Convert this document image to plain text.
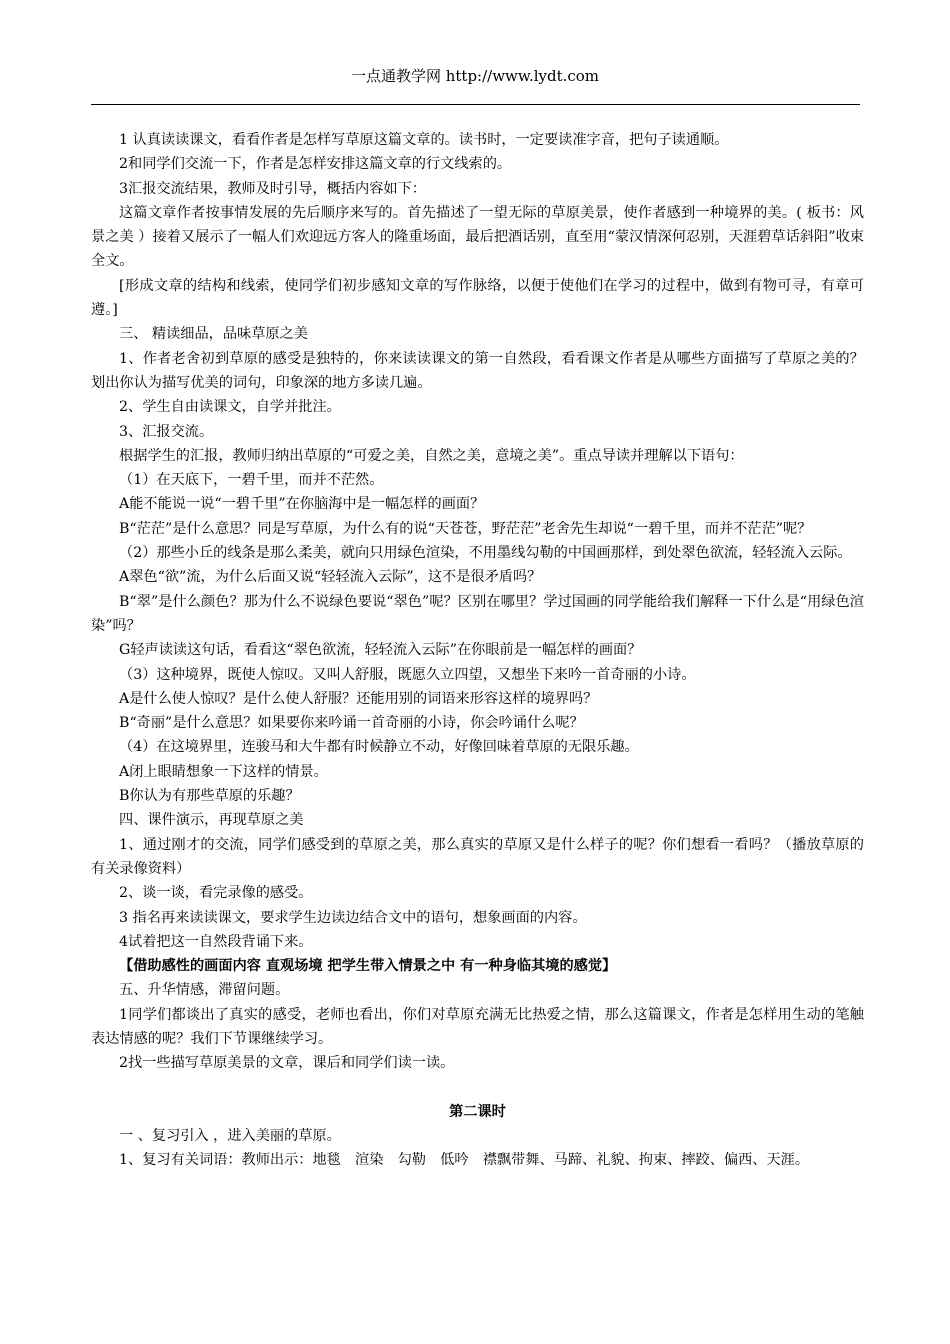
一点通教学网 http://www.lydt.com

1 认真读读课文，看看作者是怎样写草原这篇文章的。读书时，一定要读准字音，把句子读通顺。

2和同学们交流一下，作者是怎样安排这篇文章的行文线索的。

3汇报交流结果，教师及时引导，概括内容如下：

这篇文章作者按事情发展的先后顺序来写的。首先描述了一望无际的草原美景，使作者感到一种境界的美。( 板书：风景之美 ）接着又展示了一幅人们欢迎远方客人的隆重场面，最后把酒话别，直至用“蒙汉情深何忍别，天涯碧草话斜阳”收束全文。

[形成文章的结构和线索，使同学们初步感知文章的写作脉络，以便于使他们在学习的过程中，做到有物可寻，有章可遵。]

三、 精读细品，品味草原之美

1、作者老舍初到草原的感受是独特的，你来读读课文的第一自然段，看看课文作者是从哪些方面描写了草原之美的？划出你认为描写优美的词句，印象深的地方多读几遍。

2、学生自由读课文，自学并批注。

3、汇报交流。

根据学生的汇报，教师归纳出草原的“可爱之美，自然之美，意境之美”。重点导读并理解以下语句：

（1）在天底下，一碧千里，而并不茫然。

A能不能说一说“一碧千里”在你脑海中是一幅怎样的画面？

B“茫茫”是什么意思？同是写草原，为什么有的说“天苍苍，野茫茫”老舍先生却说“一碧千里，而并不茫茫”呢？

（2）那些小丘的线条是那么柔美，就向只用绿色渲染，不用墨线勾勒的中国画那样，到处翠色欲流，轻轻流入云际。

A翠色“欲”流，为什么后面又说“轻轻流入云际”，这不是很矛盾吗？

B“翠”是什么颜色？那为什么不说绿色要说“翠色”呢？区别在哪里？学过国画的同学能给我们解释一下什么是“用绿色渲染”吗？

G轻声读读这句话，看看这“翠色欲流，轻轻流入云际”在你眼前是一幅怎样的画面？

（3）这种境界，既使人惊叹。又叫人舒服，既愿久立四望，又想坐下来吟一首奇丽的小诗。

A是什么使人惊叹？是什么使人舒服？还能用别的词语来形容这样的境界吗？

B“奇丽”是什么意思？如果要你来吟诵一首奇丽的小诗，你会吟诵什么呢？

（4）在这境界里，连骏马和大牛都有时候静立不动，好像回味着草原的无限乐趣。

A闭上眼睛想象一下这样的情景。

B你认为有那些草原的乐趣？

四、课件演示，再现草原之美

1、通过刚才的交流，同学们感受到的草原之美，那么真实的草原又是什么样子的呢？你们想看一看吗？（播放草原的有关录像资料）

2、谈一谈，看完录像的感受。

3 指名再来读读课文，要求学生边读边结合文中的语句，想象画面的内容。

4试着把这一自然段背诵下来。

【借助感性的画面内容 直观场境 把学生带入情景之中 有一种身临其境的感觉】

五、升华情感，滞留问题。

1同学们都谈出了真实的感受，老师也看出，你们对草原充满无比热爱之情，那么这篇课文，作者是怎样用生动的笔触表达情感的呢？我们下节课继续学习。

2找一些描写草原美景的文章，课后和同学们读一读。

第二课时

一 、复习引入 ，进入美丽的草原。

1、复习有关词语：教师出示：地毯　渲染　勾勒　低吟　襟飘带舞、马蹄、礼貌、拘束、摔跤、偏西、天涯。
